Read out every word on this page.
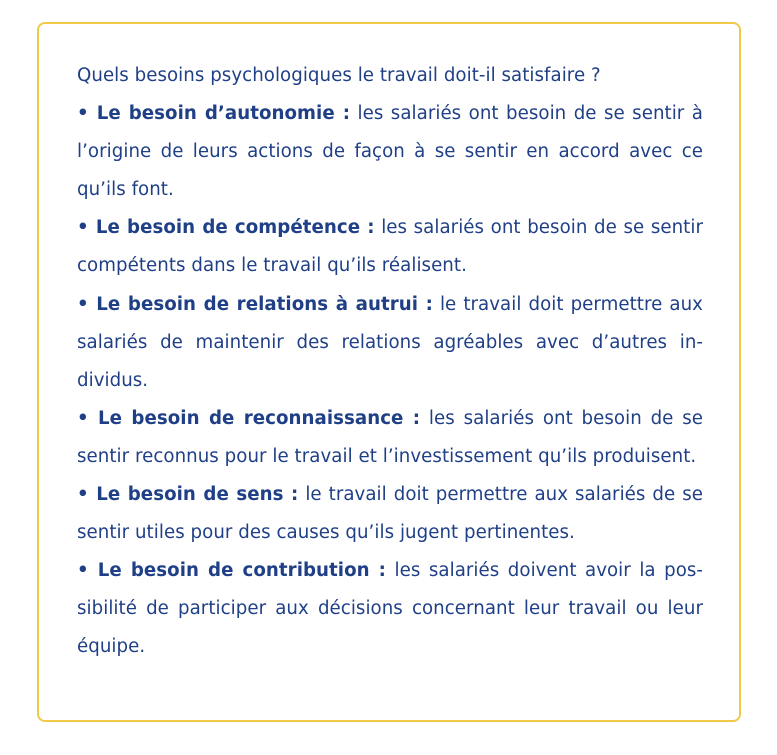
Quels besoins psychologiques le travail doit-il satisfaire ?

• Le besoin d’autonomie : les salariés ont besoin de se sentir à l’origine de leurs actions de façon à se sentir en accord avec ce qu’ils font.

• Le besoin de compétence : les salariés ont besoin de se sentir compétents dans le travail qu’ils réalisent.

• Le besoin de relations à autrui : le travail doit permettre aux salariés de maintenir des relations agréables avec d’autres individus.

• Le besoin de reconnaissance : les salariés ont besoin de se sentir reconnus pour le travail et l’investissement qu’ils produisent.

• Le besoin de sens : le travail doit permettre aux salariés de se sentir utiles pour des causes qu’ils jugent pertinentes.

• Le besoin de contribution : les salariés doivent avoir la possibilité de participer aux décisions concernant leur travail ou leur équipe.
